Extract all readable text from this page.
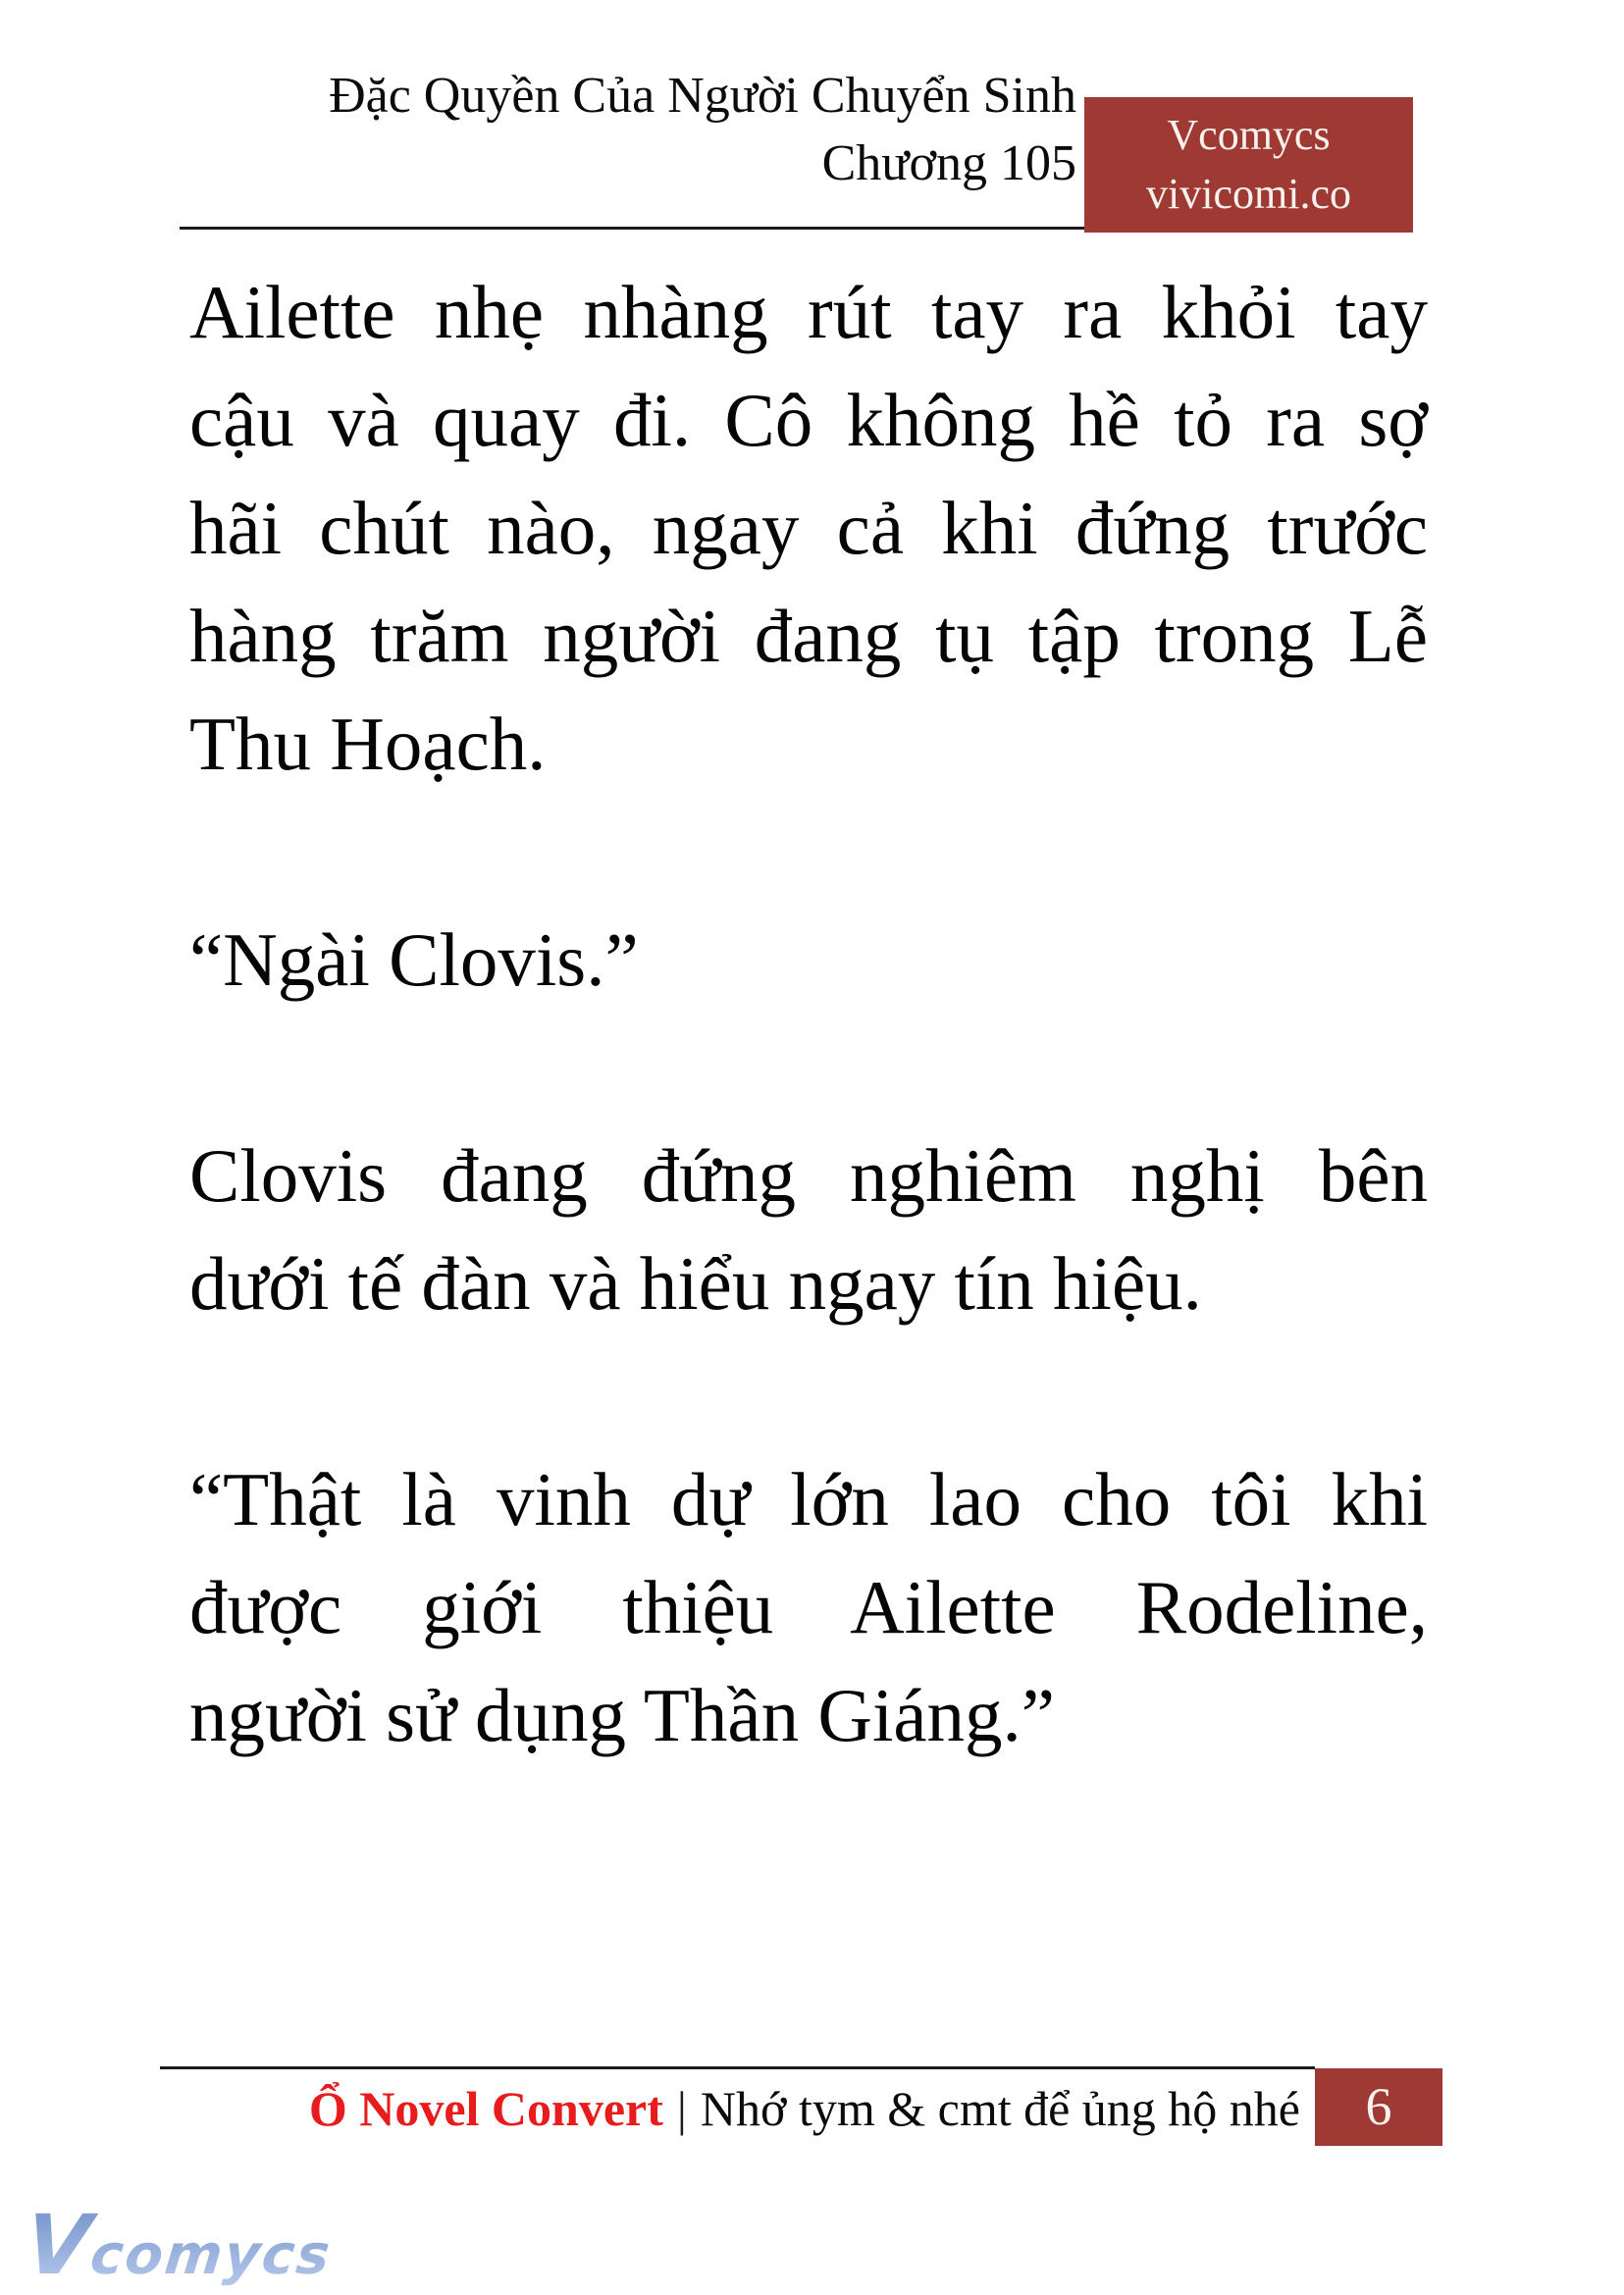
Đặc Quyền Của Người Chuyển Sinh
Chương 105
Vcomycs
vivicomi.co

Ailette nhẹ nhàng rút tay ra khỏi tay
cậu và quay đi. Cô không hề tỏ ra sợ
hãi chút nào, ngay cả khi đứng trước
hàng trăm người đang tụ tập trong Lễ
Thu Hoạch.

“Ngài Clovis.”

Clovis đang đứng nghiêm nghị bên
dưới tế đàn và hiểu ngay tín hiệu.

“Thật là vinh dự lớn lao cho tôi khi
được giới thiệu Ailette Rodeline,
người sử dụng Thần Giáng.”

Ổ Novel Convert | Nhớ tym & cmt để ủng hộ nhé	6
Vcomycs
